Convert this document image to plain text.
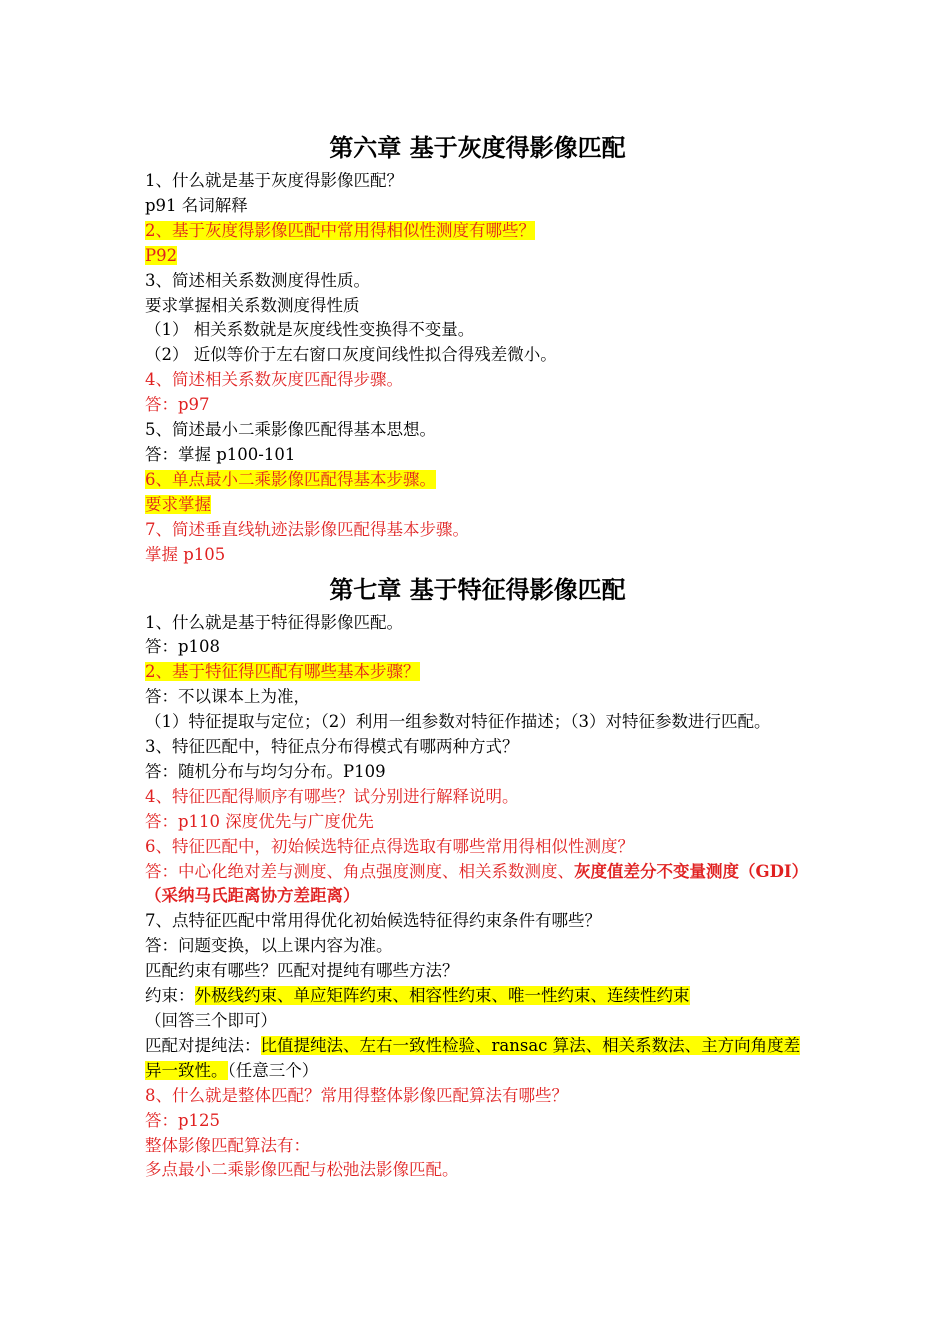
第六章 基于灰度得影像匹配
1、什么就是基于灰度得影像匹配？
p91 名词解释
2、基于灰度得影像匹配中常用得相似性测度有哪些？
P92
3、简述相关系数测度得性质。
要求掌握相关系数测度得性质
（1） 相关系数就是灰度线性变换得不变量。
（2） 近似等价于左右窗口灰度间线性拟合得残差微小。
4、简述相关系数灰度匹配得步骤。
答：p97
5、简述最小二乘影像匹配得基本思想。
答：掌握 p100-101
6、单点最小二乘影像匹配得基本步骤。
要求掌握
7、简述垂直线轨迹法影像匹配得基本步骤。
掌握 p105
第七章 基于特征得影像匹配
1、什么就是基于特征得影像匹配。
答：p108
2、基于特征得匹配有哪些基本步骤？
答：不以课本上为准，
（1）特征提取与定位；（2）利用一组参数对特征作描述；（3）对特征参数进行匹配。
3、特征匹配中，特征点分布得模式有哪两种方式？
答：随机分布与均匀分布。P109
4、特征匹配得顺序有哪些？试分别进行解释说明。
答：p110 深度优先与广度优先
6、特征匹配中，初始候选特征点得选取有哪些常用得相似性测度？
答：中心化绝对差与测度、角点强度测度、相关系数测度、灰度值差分不变量测度（GDI）（采纳马氏距离协方差距离）
7、点特征匹配中常用得优化初始候选特征得约束条件有哪些？
答：问题变换，以上课内容为准。
匹配约束有哪些？匹配对提纯有哪些方法？
约束：外极线约束、单应矩阵约束、相容性约束、唯一性约束、连续性约束
（回答三个即可）
匹配对提纯法：比值提纯法、左右一致性检验、ransac 算法、相关系数法、主方向角度差异一致性。（任意三个）
8、什么就是整体匹配？常用得整体影像匹配算法有哪些？
答：p125
整体影像匹配算法有：
多点最小二乘影像匹配与松弛法影像匹配。
